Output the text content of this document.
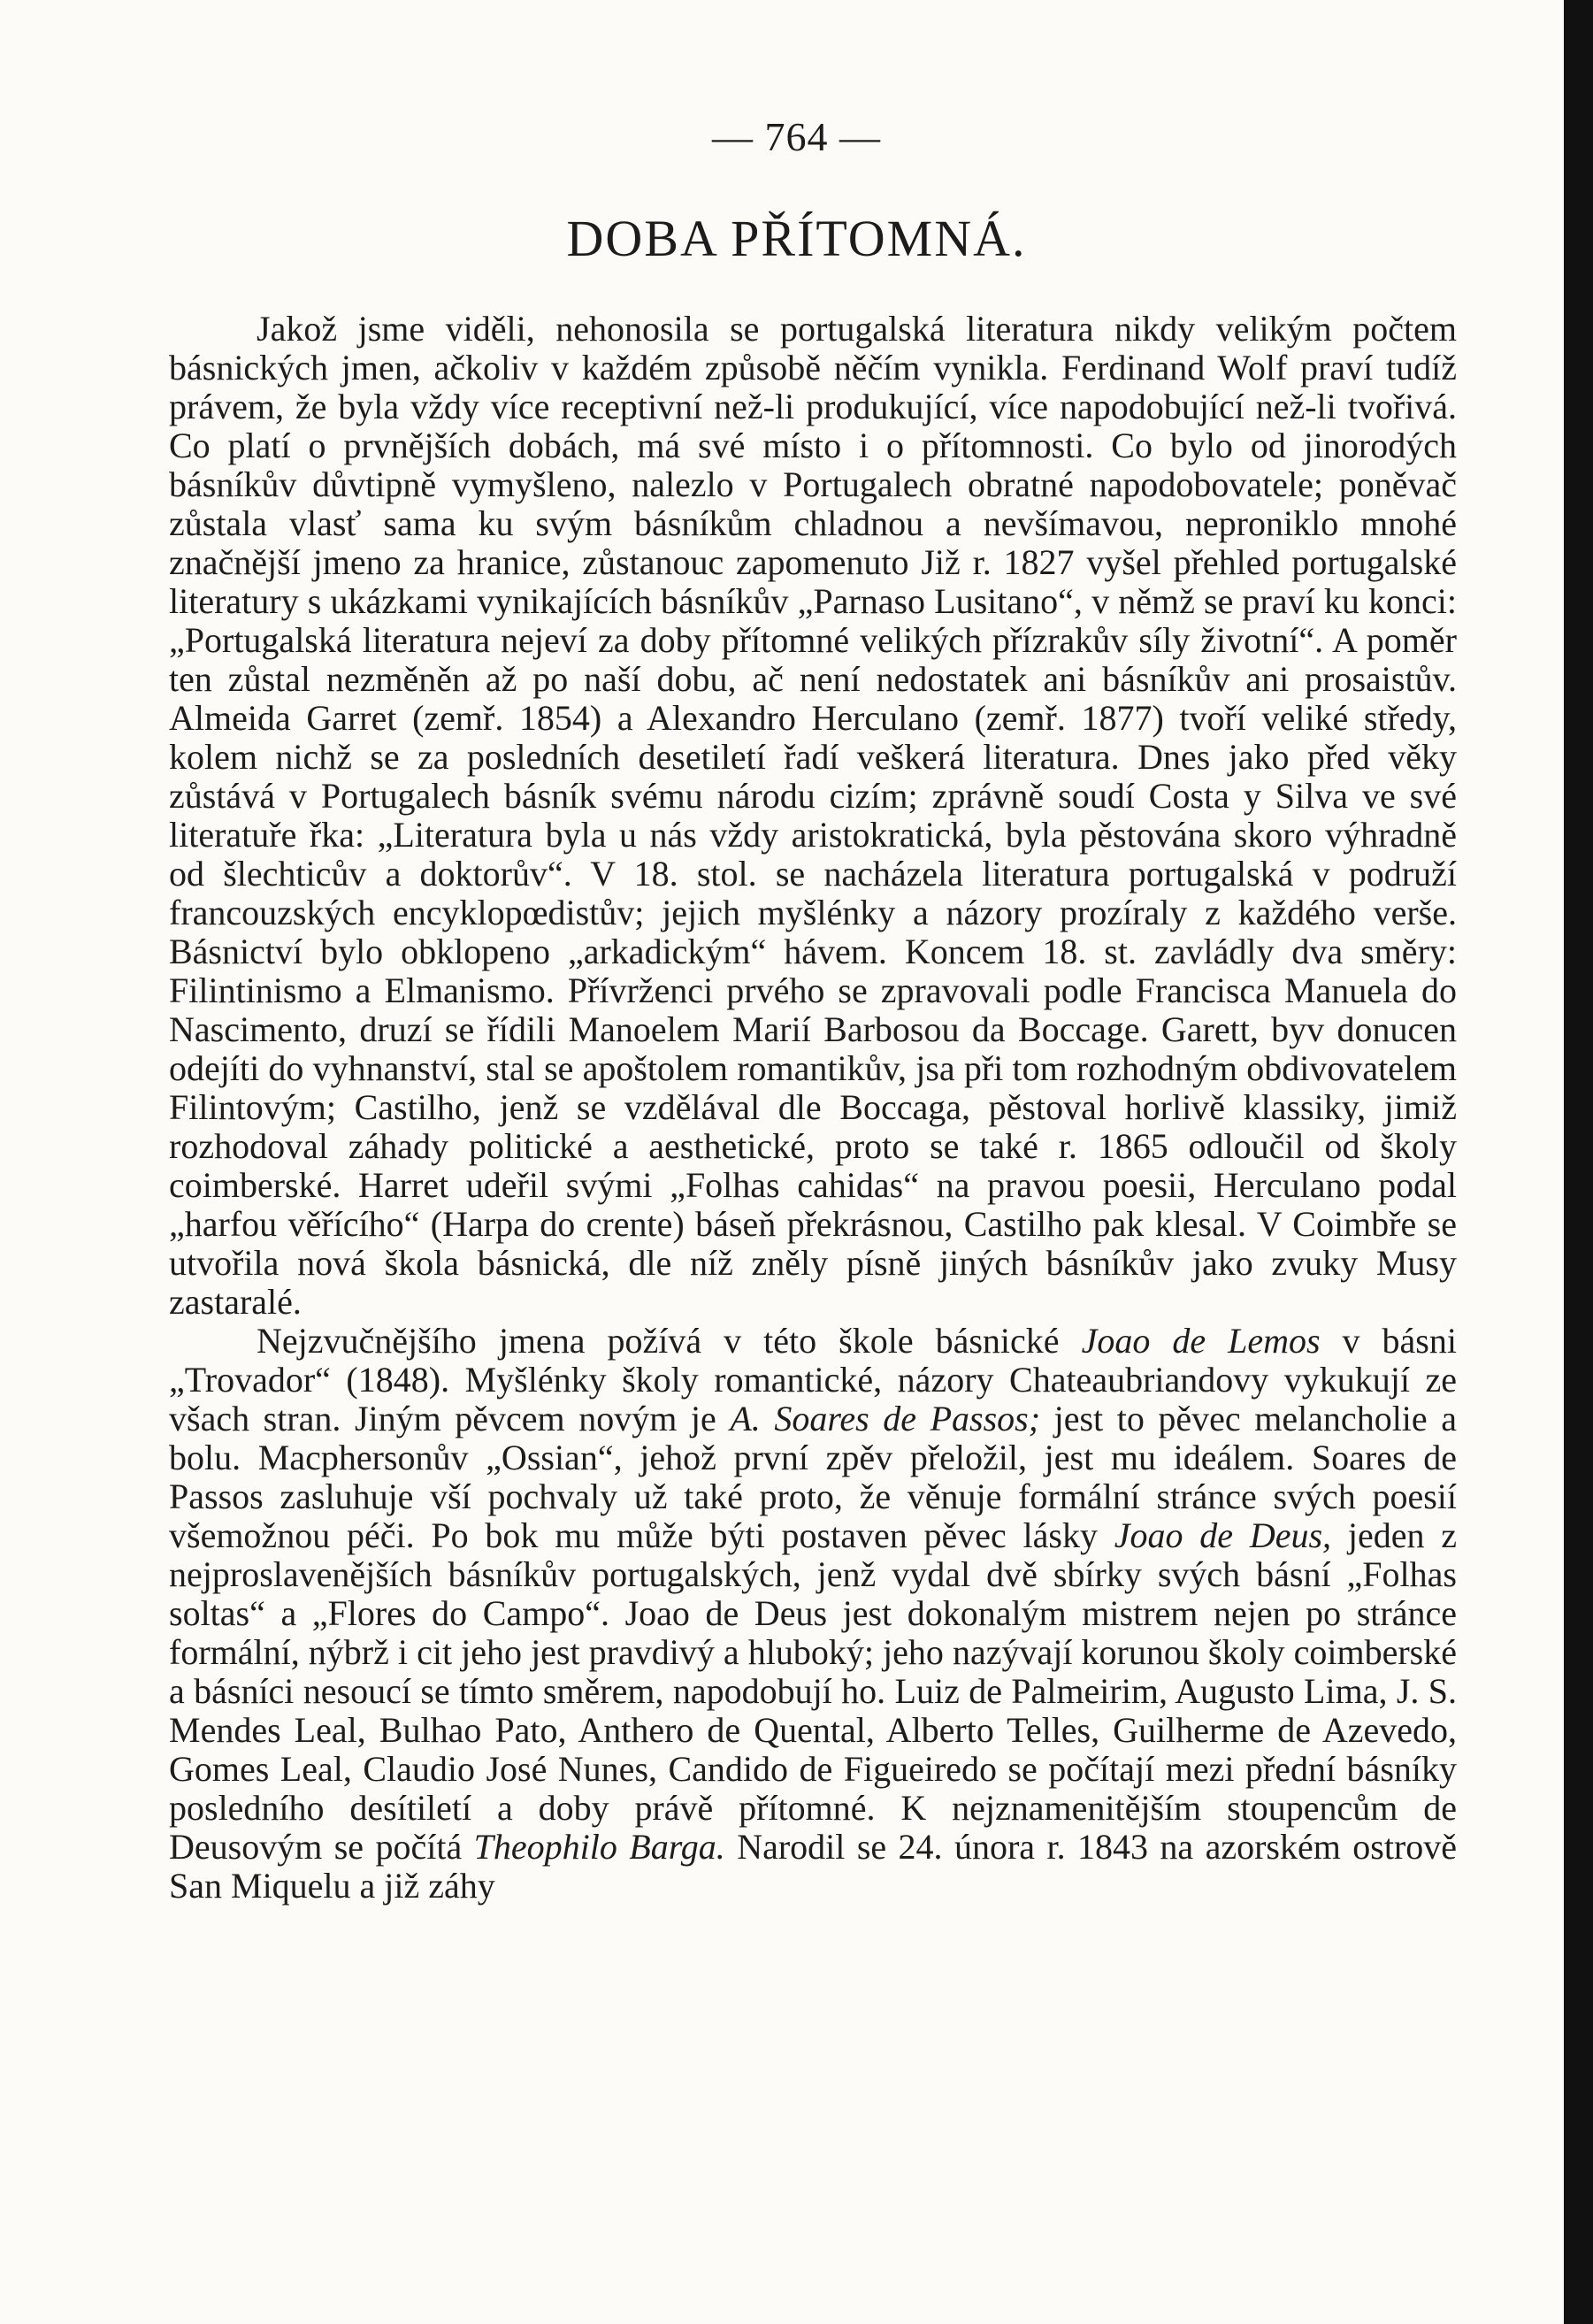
— 764 —
DOBA PŘÍTOMNÁ.

Jakož jsme viděli, nehonosila se portugalská literatura nikdy velikým počtem básnických jmen, ačkoliv v každém způsobě něčím vynikla. Ferdinand Wolf praví tudíž právem, že byla vždy více receptivní než-li produkující, více napodobující než-li tvořivá. Co platí o prvnějších dobách, má své místo i o přítomnosti. Co bylo od jinorodých básníkův důvtipně vymyšleno, nalezlo v Portugalech obratné napodobovatele; poněvač zůstala vlasť sama ku svým básníkům chladnou a nevšímavou, neproniklo mnohé značnější jmeno za hranice, zůstanouc zapomenuto Již r. 1827 vyšel přehled portugalské literatury s ukázkami vynikajících básníkův „Parnaso Lusitano“, v němž se praví ku konci: „Portugalská literatura nejeví za doby přítomné velikých přízrakův síly životní“. A poměr ten zůstal nezměněn až po naší dobu, ač není nedostatek ani básníkův ani prosaistův. Almeida Garret (zemř. 1854) a Alexandro Herculano (zemř. 1877) tvoří veliké středy, kolem nichž se za posledních desetiletí řadí veškerá literatura. Dnes jako před věky zůstává v Portugalech básník svému národu cizím; zprávně soudí Costa y Silva ve své literatuře řka: „Literatura byla u nás vždy aristokratická, byla pěstována skoro výhradně od šlechticův a doktorův“. V 18. stol. se nacházela literatura portugalská v podruží francouzských encyklopœdistův; jejich myšlénky a názory prozíraly z každého verše. Básnictví bylo obklopeno „arkadickým“ hávem. Koncem 18. st. zavládly dva směry: Filintinismo a Elmanismo. Přívrženci prvého se zpravovali podle Francisca Manuela do Nascimento, druzí se řídili Manoelem Marií Barbosou da Boccage. Garett, byv donucen odejíti do vyhnanství, stal se apoštolem romantikův, jsa při tom rozhodným obdivovatelem Filintovým; Castilho, jenž se vzdělával dle Boccaga, pěstoval horlivě klassiky, jimiž rozhodoval záhady politické a aesthetické, proto se také r. 1865 odloučil od školy coimberské. Harret udeřil svými „Folhas cahidas“ na pravou poesii, Herculano podal „harfou věřícího“ (Harpa do crente) báseň překrásnou, Castilho pak klesal. V Coimbře se utvořila nová škola básnická, dle níž zněly písně jiných básníkův jako zvuky Musy zastaralé.

Nejzvučnějšího jmena požívá v této škole básnické Joao de Lemos v básni „Trovador“ (1848). Myšlénky školy romantické, názory Chateaubriandovy vykukují ze všach stran. Jiným pěvcem novým je A. Soares de Passos; jest to pěvec melancholie a bolu. Macphersonův „Ossian“, jehož první zpěv přeložil, jest mu ideálem. Soares de Passos zasluhuje vší pochvaly už také proto, že věnuje formální stránce svých poesií všemožnou péči. Po bok mu může býti postaven pěvec lásky Joao de Deus, jeden z nejproslavenějších básníkův portugalských, jenž vydal dvě sbírky svých básní „Folhas soltas“ a „Flores do Campo“. Joao de Deus jest dokonalým mistrem nejen po stránce formální, nýbrž i cit jeho jest pravdivý a hluboký; jeho nazývají korunou školy coimberské a básníci nesoucí se tímto směrem, napodobují ho. Luiz de Palmeirim, Augusto Lima, J. S. Mendes Leal, Bulhao Pato, Anthero de Quental, Alberto Telles, Guilherme de Azevedo, Gomes Leal, Claudio José Nunes, Candido de Figueiredo se počítají mezi přední básníky posledního desítiletí a doby právě přítomné. K nejznamenitějším stoupencům de Deusovým se počítá Theophilo Barga. Narodil se 24. února r. 1843 na azorském ostrově San Miquelu a již záhy
